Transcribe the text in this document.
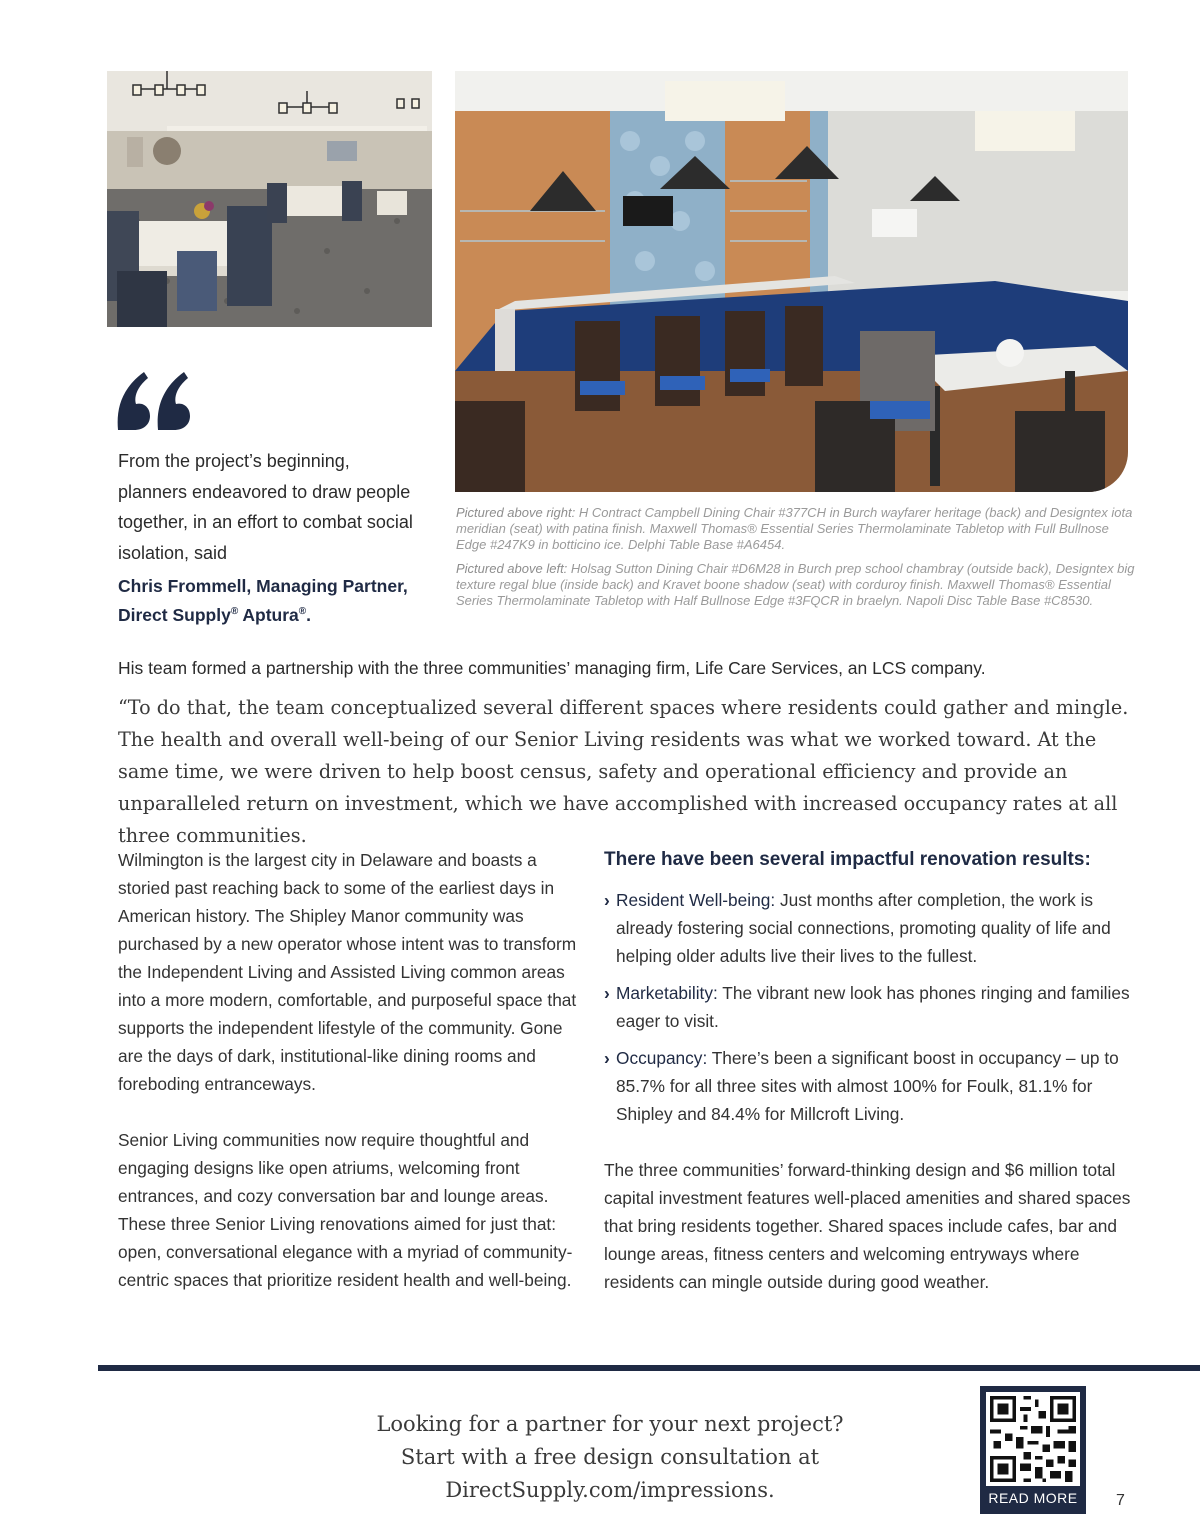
From the project’s beginning, planners endeavored to draw people together, in an effort to combat social isolation, said

Chris Frommell, Managing Partner,
Direct Supply® Aptura®.

Pictured above right: H Contract Campbell Dining Chair #377CH in Burch wayfarer heritage (back) and Designtex iota meridian (seat) with patina finish. Maxwell Thomas® Essential Series Thermolaminate Tabletop with Full Bullnose Edge #247K9 in botticino ice. Delphi Table Base #A6454.

Pictured above left: Holsag Sutton Dining Chair #D6M28 in Burch prep school chambray (outside back), Designtex big texture regal blue (inside back) and Kravet boone shadow (seat) with corduroy finish. Maxwell Thomas® Essential Series Thermolaminate Tabletop with Half Bullnose Edge #3FQCR in braelyn. Napoli Disc Table Base #C8530.

His team formed a partnership with the three communities’ managing firm, Life Care Services, an LCS company.

“To do that, the team conceptualized several different spaces where residents could gather and mingle. The health and overall well-being of our Senior Living residents was what we worked toward. At the same time, we were driven to help boost census, safety and operational efficiency and provide an unparalleled return on investment, which we have accomplished with increased occupancy rates at all three communities.

Wilmington is the largest city in Delaware and boasts a storied past reaching back to some of the earliest days in American history. The Shipley Manor community was purchased by a new operator whose intent was to transform the Independent Living and Assisted Living common areas into a more modern, comfortable, and purposeful space that supports the independent lifestyle of the community. Gone are the days of dark, institutional-like dining rooms and foreboding entranceways.

Senior Living communities now require thoughtful and engaging designs like open atriums, welcoming front entrances, and cozy conversation bar and lounge areas. These three Senior Living renovations aimed for just that: open, conversational elegance with a myriad of community-centric spaces that prioritize resident health and well-being.

There have been several impactful renovation results:
› Resident Well-being: Just months after completion, the work is already fostering social connections, promoting quality of life and helping older adults live their lives to the fullest.
› Marketability: The vibrant new look has phones ringing and families eager to visit.
› Occupancy: There’s been a significant boost in occupancy – up to 85.7% for all three sites with almost 100% for Foulk, 81.1% for Shipley and 84.4% for Millcroft Living.

The three communities’ forward-thinking design and $6 million total capital investment features well-placed amenities and shared spaces that bring residents together. Shared spaces include cafes, bar and lounge areas, fitness centers and welcoming entryways where residents can mingle outside during good weather.

Looking for a partner for your next project?
Start with a free design consultation at DirectSupply.com/impressions.	READ MORE	7
